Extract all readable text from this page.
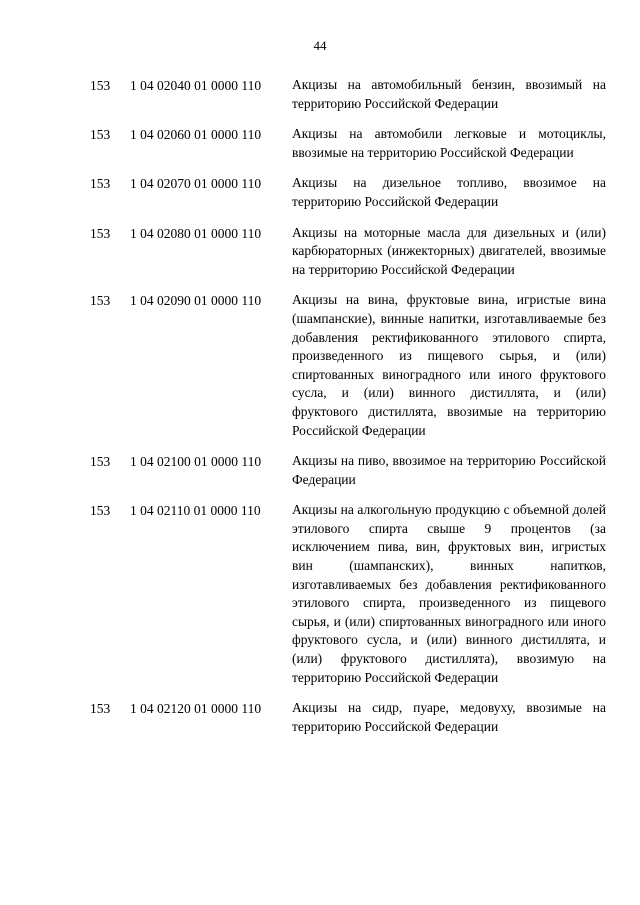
44
153 1 04 02040 01 0000 110 Акцизы на автомобильный бензин, ввозимый на территорию Российской Федерации
153 1 04 02060 01 0000 110 Акцизы на автомобили легковые и мотоциклы, ввозимые на территорию Российской Федерации
153 1 04 02070 01 0000 110 Акцизы на дизельное топливо, ввозимое на территорию Российской Федерации
153 1 04 02080 01 0000 110 Акцизы на моторные масла для дизельных и (или) карбюраторных (инжекторных) двигателей, ввозимые на территорию Российской Федерации
153 1 04 02090 01 0000 110 Акцизы на вина, фруктовые вина, игристые вина (шампанские), винные напитки, изготавливаемые без добавления ректификованного этилового спирта, произведенного из пищевого сырья, и (или) спиртованных виноградного или иного фруктового сусла, и (или) винного дистиллята, и (или) фруктового дистиллята, ввозимые на территорию Российской Федерации
153 1 04 02100 01 0000 110 Акцизы на пиво, ввозимое на территорию Российской Федерации
153 1 04 02110 01 0000 110 Акцизы на алкогольную продукцию с объемной долей этилового спирта свыше 9 процентов (за исключением пива, вин, фруктовых вин, игристых вин (шампанских), винных напитков, изготавливаемых без добавления ректификованного этилового спирта, произведенного из пищевого сырья, и (или) спиртованных виноградного или иного фруктового сусла, и (или) винного дистиллята, и (или) фруктового дистиллята), ввозимую на территорию Российской Федерации
153 1 04 02120 01 0000 110 Акцизы на сидр, пуаре, медовуху, ввозимые на территорию Российской Федерации
